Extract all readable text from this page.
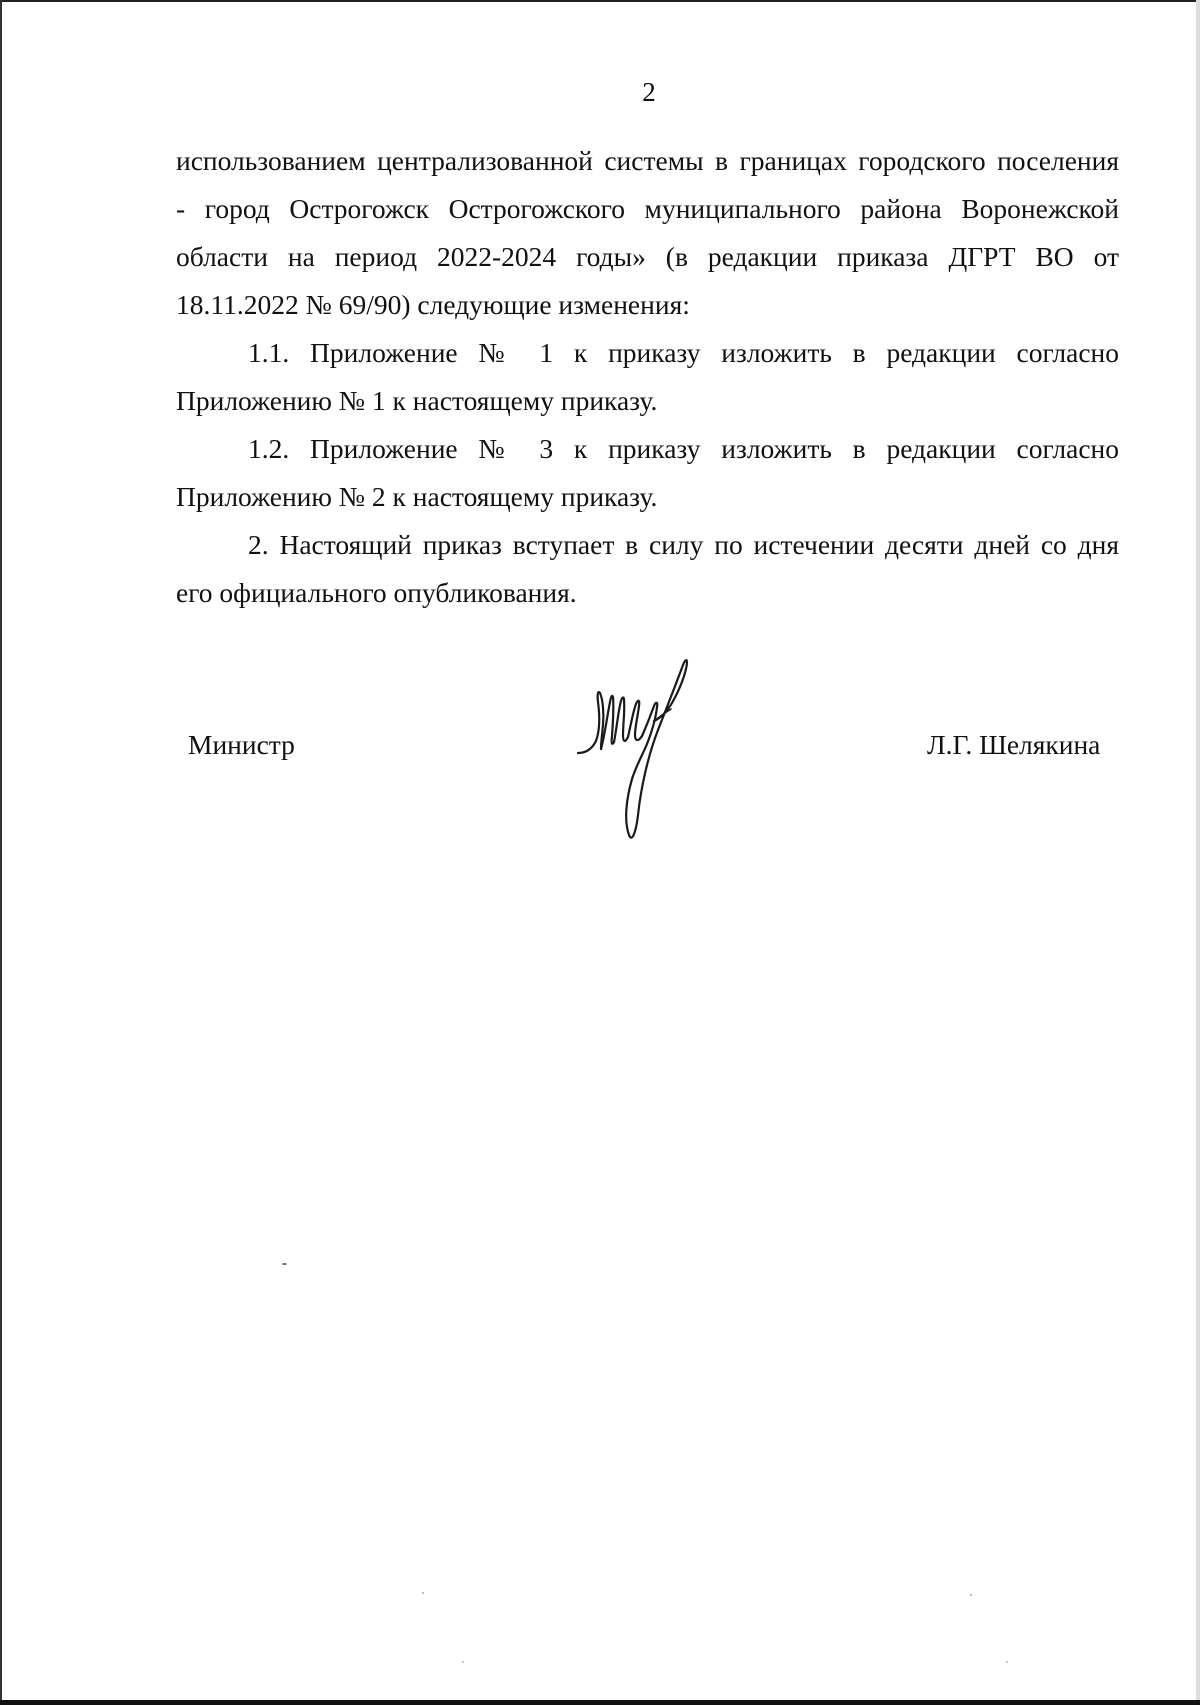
2
использованием централизованной системы в границах городского поселения
- город Острогожск Острогожского муниципального района Воронежской
области на период 2022-2024 годы» (в редакции приказа ДГРТ ВО от
18.11.2022 № 69/90) следующие изменения:
1.1. Приложение № 1 к приказу изложить в редакции согласно
Приложению № 1 к настоящему приказу.
1.2. Приложение № 3 к приказу изложить в редакции согласно
Приложению № 2 к настоящему приказу.
2. Настоящий приказ вступает в силу по истечении десяти дней со дня
его официального опубликования.
Министр	Л.Г. Шелякина
